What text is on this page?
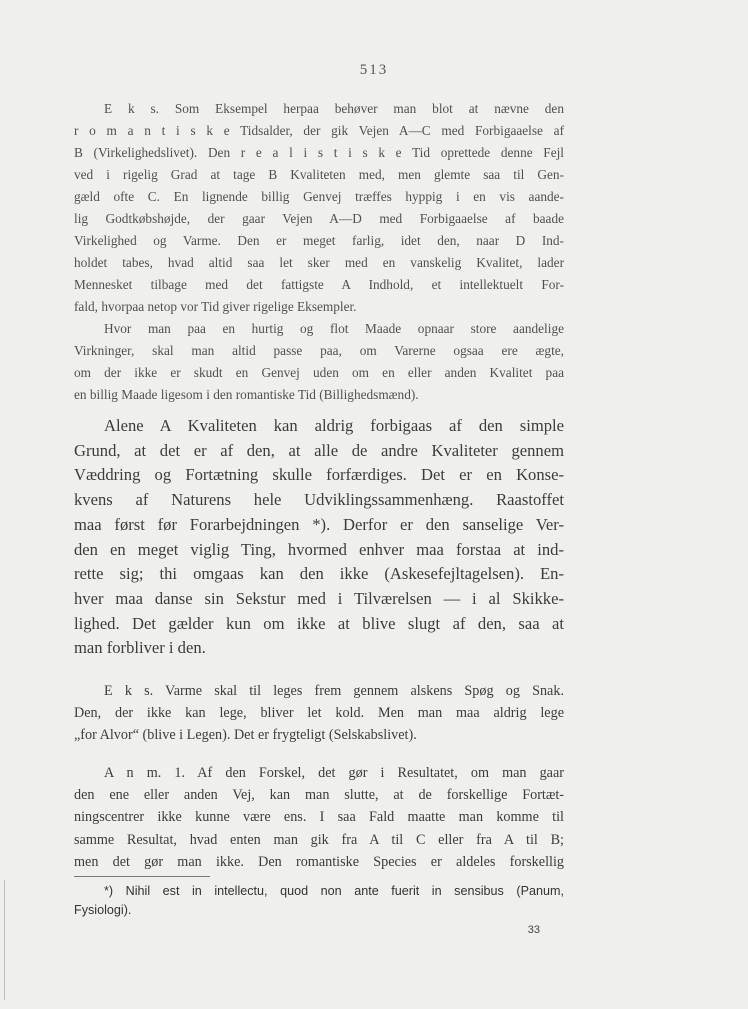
513
E k s. Som Eksempel herpaa behøver man blot at nævne den
r o m a n t i s k e Tidsalder, der gik Vejen A—C med Forbigaaelse af
B (Virkelighedslivet). Den r e a l i s t i s k e Tid oprettede denne Fejl
ved i rigelig Grad at tage B Kvaliteten med, men glemte saa til Gen-
gæld ofte C. En lignende billig Genvej træffes hyppig i en vis aande-
lig Godtkøbshøjde, der gaar Vejen A—D med Forbigaaelse af baade
Virkelighed og Varme. Den er meget farlig, idet den, naar D Ind-
holdet tabes, hvad altid saa let sker med en vanskelig Kvalitet, lader
Mennesket tilbage med det fattigste A Indhold, et intellektuelt For-
fald, hvorpaa netop vor Tid giver rigelige Eksempler.
Hvor man paa en hurtig og flot Maade opnaar store aandelige
Virkninger, skal man altid passe paa, om Varerne ogsaa ere ægte,
om der ikke er skudt en Genvej uden om en eller anden Kvalitet paa
en billig Maade ligesom i den romantiske Tid (Billighedsmænd).
Alene A Kvaliteten kan aldrig forbigaas af den simple
Grund, at det er af den, at alle de andre Kvaliteter gennem
Væddring og Fortætning skulle forfærdiges. Det er en Konse-
kvens af Naturens hele Udviklingssammenhæng. Raastoffet
maa først før Forarbejdningen *). Derfor er den sanselige Ver-
den en meget viglig Ting, hvormed enhver maa forstaa at ind-
rette sig; thi omgaas kan den ikke (Askesefejltagelsen). En-
hver maa danse sin Sekstur med i Tilværelsen — i al Skikke-
lighed. Det gælder kun om ikke at blive slugt af den, saa at
man forbliver i den.
E k s. Varme skal til leges frem gennem alskens Spøg og Snak.
Den, der ikke kan lege, bliver let kold. Men man maa aldrig lege
„for Alvor“ (blive i Legen). Det er frygteligt (Selskabslivet).
A n m. 1. Af den Forskel, det gør i Resultatet, om man gaar
den ene eller anden Vej, kan man slutte, at de forskellige Fortæt-
ningscentrer ikke kunne være ens. I saa Fald maatte man komme til
samme Resultat, hvad enten man gik fra A til C eller fra A til B;
men det gør man ikke. Den romantiske Species er aldeles forskellig
*) Nihil est in intellectu, quod non ante fuerit in sensibus (Panum,
Fysiologi).
33
